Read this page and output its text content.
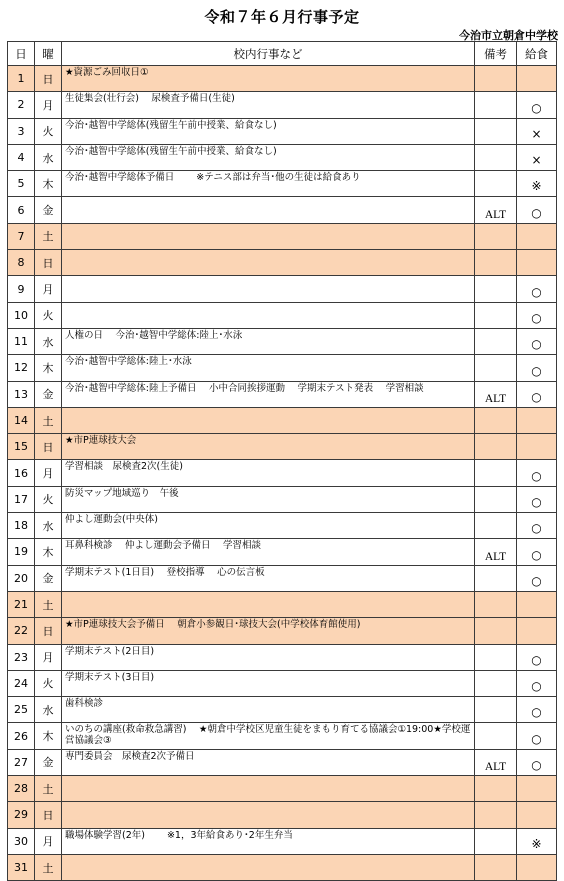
令和７年６月行事予定
今治市立朝倉中学校
日	曜	校内行事など	備考	給食
1	日	★資源ごみ回収日①		
2	月	生徒集会(壮行会)　 尿検査予備日(生徒)		○
3	火	今治･越智中学総体(残留生午前中授業、給食なし)		×
4	水	今治･越智中学総体(残留生午前中授業、給食なし)		×
5	木	今治･越智中学総体予備日　　 ※テニス部は弁当･他の生徒は給食あり		※
6	金		ALT	○
7	土			
8	日			
9	月			○
10	火			○
11	水	人権の日　 今治･越智中学総体:陸上･水泳		○
12	木	今治･越智中学総体:陸上･水泳		○
13	金	今治･越智中学総体:陸上予備日　 小中合同挨拶運動　 学期末テスト発表　 学習相談	ALT	○
14	土			
15	日	★市P連球技大会		
16	月	学習相談　尿検査2次(生徒)		○
17	火	防災マップ地域巡り　午後		○
18	水	仲よし運動会(中央体)		○
19	木	耳鼻科検診　 仲よし運動会予備日　 学習相談	ALT	○
20	金	学期末テスト(1日目)　 登校指導　 心の伝言板		○
21	土			
22	日	★市P連球技大会予備日　 朝倉小参観日･球技大会(中学校体育館使用)		
23	月	学期末テスト(2日目)		○
24	火	学期末テスト(3日目)		○
25	水	歯科検診		○
26	木	いのちの講座(救命救急講習)　 ★朝倉中学校区児童生徒をまもり育てる協議会①19:00★学校運営協議会③		○
27	金	専門委員会　尿検査2次予備日	ALT	○
28	土			
29	日			
30	月	職場体験学習(2年)　　 ※1，3年給食あり･2年生弁当		※
31	土			
